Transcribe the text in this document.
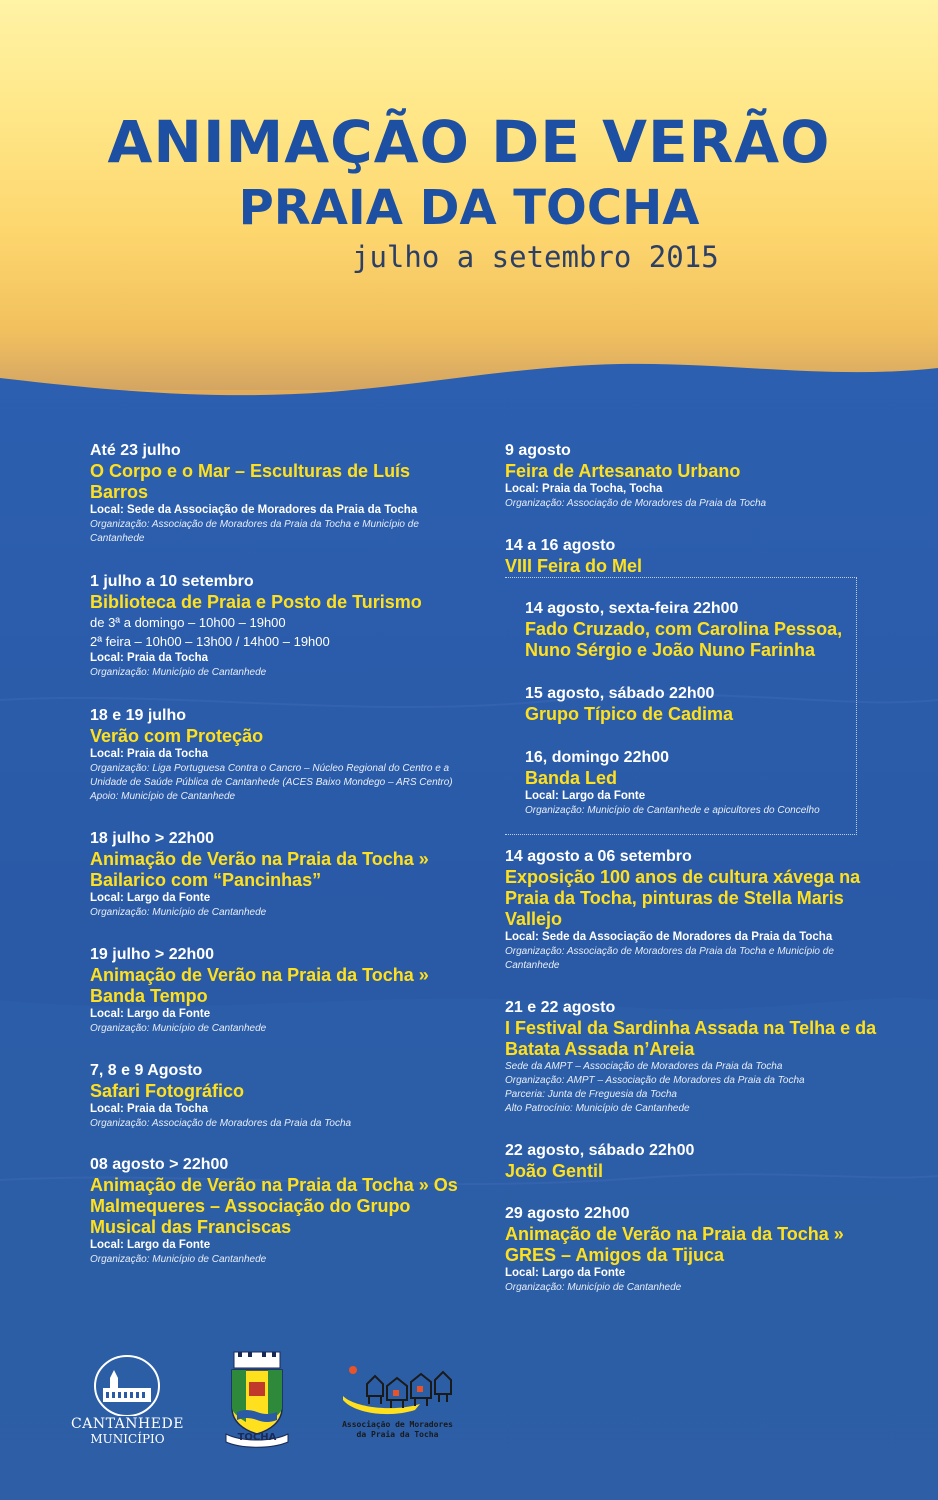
ANIMAÇÃO DE VERÃO
PRAIA DA TOCHA
julho a setembro 2015
Até 23 julho
O Corpo e o Mar – Esculturas de Luís Barros
Local: Sede da Associação de Moradores da Praia da Tocha
Organização: Associação de Moradores da Praia da Tocha e Município de Cantanhede
1 julho a 10 setembro
Biblioteca de Praia e Posto de Turismo
de 3ª a domingo – 10h00 – 19h00
2ª feira – 10h00 – 13h00 / 14h00 – 19h00
Local: Praia da Tocha
Organização: Município de Cantanhede
18 e 19 julho
Verão com Proteção
Local: Praia da Tocha
Organização: Liga Portuguesa Contra o Cancro – Núcleo Regional do Centro e a Unidade de Saúde Pública de Cantanhede (ACES Baixo Mondego – ARS Centro) Apoio: Município de Cantanhede
18 julho > 22h00
Animação de Verão na Praia da Tocha » Bailarico com “Pancinhas”
Local: Largo da Fonte
Organização: Município de Cantanhede
19 julho > 22h00
Animação de Verão na Praia da Tocha » Banda Tempo
Local: Largo da Fonte
Organização: Município de Cantanhede
7, 8 e 9 Agosto
Safari Fotográfico
Local: Praia da Tocha
Organização: Associação de Moradores da Praia da Tocha
08 agosto > 22h00
Animação de Verão na Praia da Tocha » Os Malmequeres – Associação do Grupo Musical das Franciscas
Local: Largo da Fonte
Organização: Município de Cantanhede
9 agosto
Feira de Artesanato Urbano
Local: Praia da Tocha, Tocha
Organização: Associação de Moradores da Praia da Tocha
14 a 16 agosto
VIII Feira do Mel
14 agosto, sexta-feira 22h00
Fado Cruzado, com Carolina Pessoa, Nuno Sérgio e João Nuno Farinha
15 agosto, sábado 22h00
Grupo Típico de Cadima
16, domingo 22h00
Banda Led
Local: Largo da Fonte
Organização: Município de Cantanhede e apicultores do Concelho
14 agosto a 06 setembro
Exposição 100 anos de cultura xávega na Praia da Tocha, pinturas de Stella Maris Vallejo
Local: Sede da Associação de Moradores da Praia da Tocha
Organização: Associação de Moradores da Praia da Tocha e Município de Cantanhede
21 e 22 agosto
I Festival da Sardinha Assada na Telha e da Batata Assada n’Areia
Sede da AMPT – Associação de Moradores da Praia da Tocha
Organização: AMPT – Associação de Moradores da Praia da Tocha
Parceria: Junta de Freguesia da Tocha
Alto Patrocínio: Município de Cantanhede
22 agosto, sábado 22h00
João Gentil
29 agosto 22h00
Animação de Verão na Praia da Tocha » GRES – Amigos da Tijuca
Local: Largo da Fonte
Organização: Município de Cantanhede
CANTANHEDE
MUNICÍPIO	TOCHA
Associação de Moradores da Praia da Tocha
